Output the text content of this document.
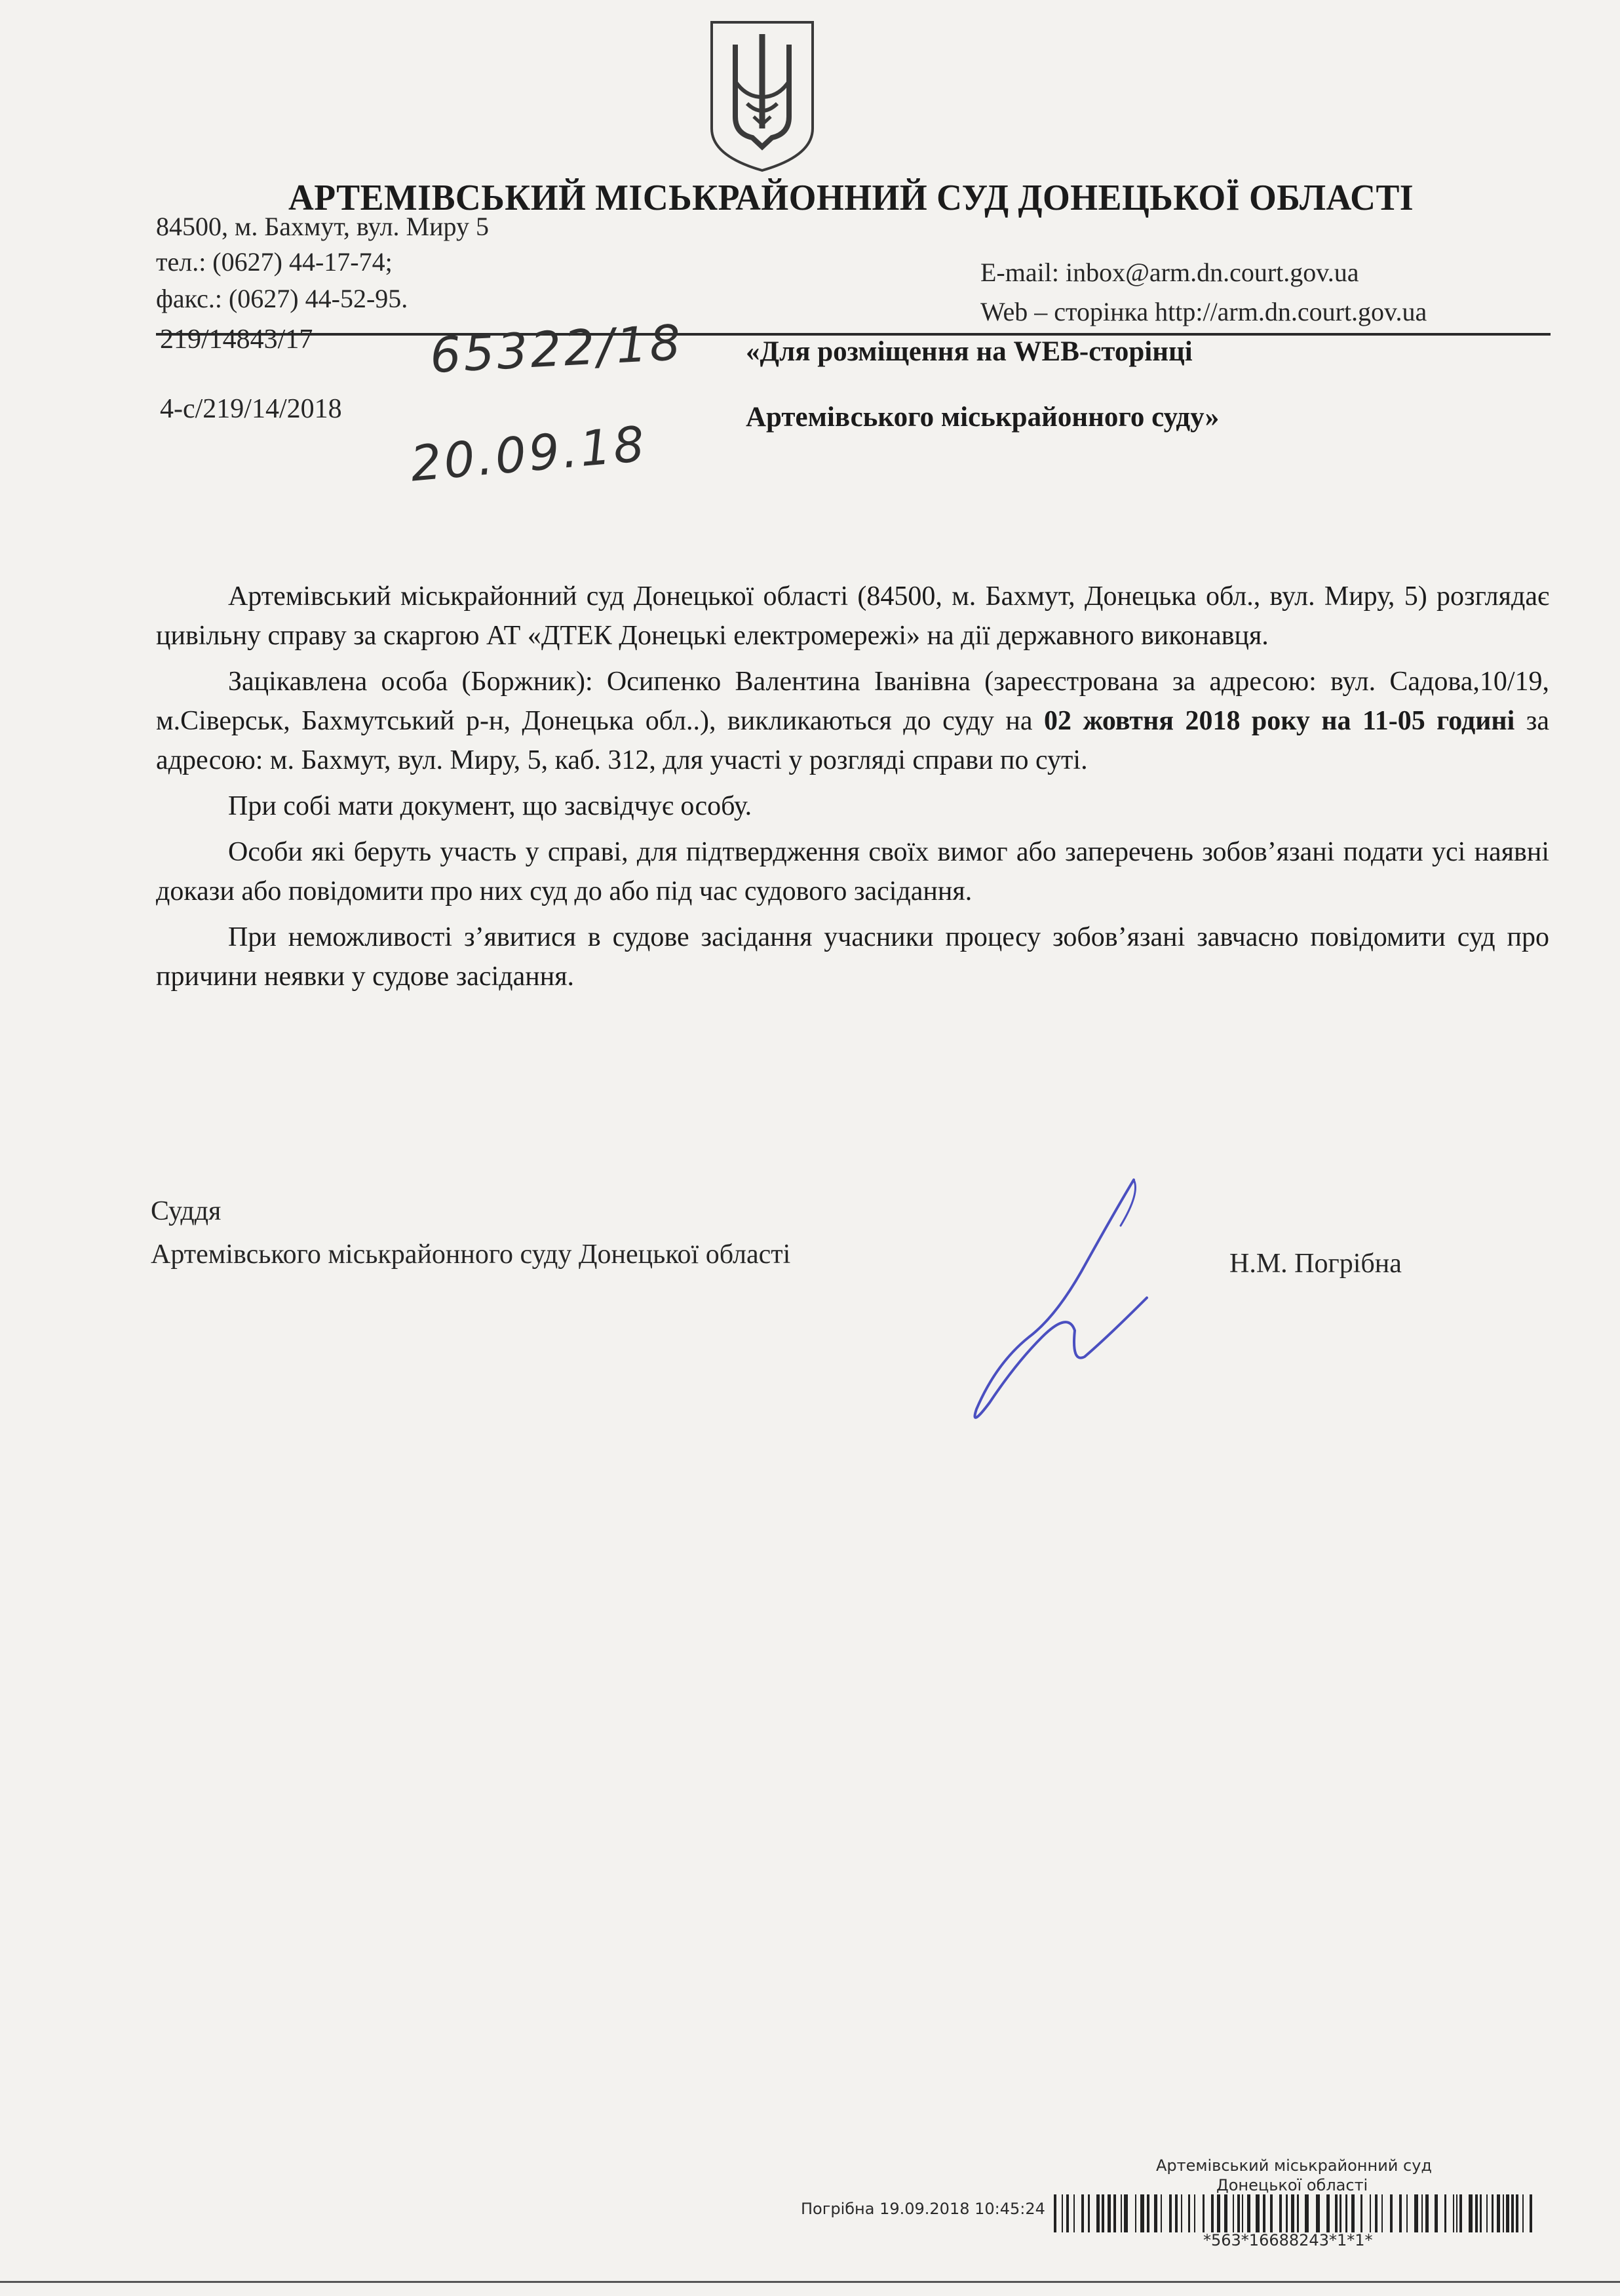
АРТЕМІВСЬКИЙ МІСЬКРАЙОННИЙ СУД ДОНЕЦЬКОЇ ОБЛАСТІ
84500, м. Бахмут, вул. Миру 5
тел.: (0627) 44-17-74;
факс.: (0627) 44-52-95.
E-mail: inbox@arm.dn.court.gov.ua
Web – сторінка http://arm.dn.court.gov.ua
219/14843/17
4-с/219/14/2018
65322/18
20.09.18
«Для розміщення на WEB-сторінці
Артемівського міськрайонного суду»

Артемівський міськрайонний суд Донецької області (84500, м. Бахмут, Донецька обл., вул. Миру, 5) розглядає цивільну справу за скаргою АТ «ДТЕК Донецькі електромережі» на дії державного виконавця.

Зацікавлена особа (Боржник): Осипенко Валентина Іванівна (зареєстрована за адресою: вул. Садова,10/19, м.Сіверськ, Бахмутський р-н, Донецька обл..), викликаються до суду на 02 жовтня 2018 року на 11-05 годині за адресою: м. Бахмут, вул. Миру, 5, каб. 312, для участі у розгляді справи по суті.

При собі мати документ, що засвідчує особу.

Особи які беруть участь у справі, для підтвердження своїх вимог або заперечень зобов’язані подати усі наявні докази або повідомити про них суд до або під час судового засідання.

При неможливості з’явитися в судове засідання учасники процесу зобов’язані завчасно повідомити суд про причини неявки у судове засідання.

Суддя
Артемівського міськрайонного суду Донецької області	Н.М. Погрібна
Артемівський міськрайонний суд
Донецької області
Погрібна 19.09.2018 10:45:24
*563*16688243*1*1*
